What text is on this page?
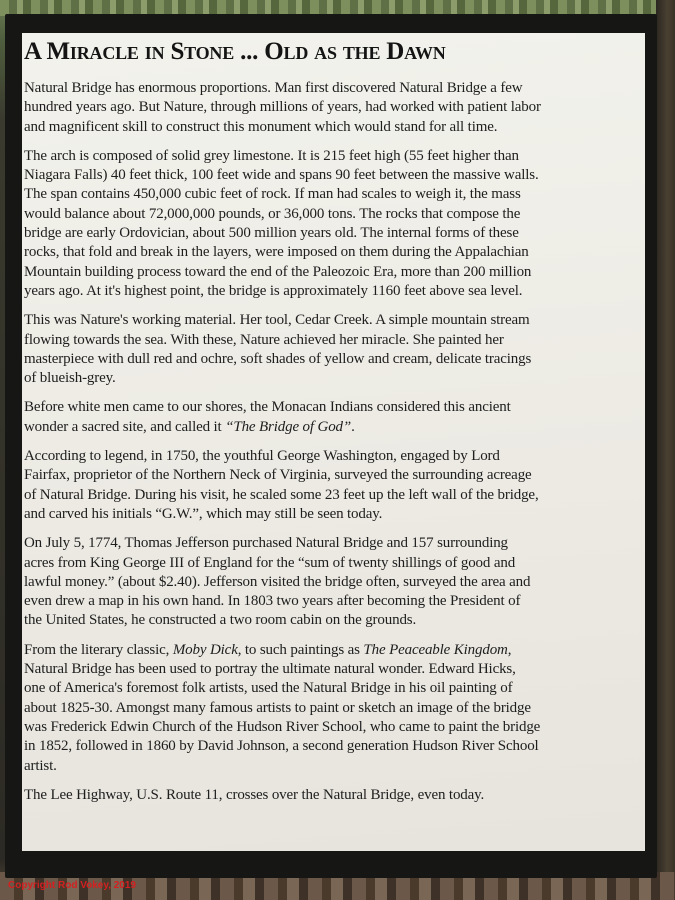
A Miracle in Stone ... Old as the Dawn

Natural Bridge has enormous proportions. Man first discovered Natural Bridge a few
hundred years ago. But Nature, through millions of years, had worked with patient labor
and magnificent skill to construct this monument which would stand for all time.

The arch is composed of solid grey limestone. It is 215 feet high (55 feet higher than
Niagara Falls) 40 feet thick, 100 feet wide and spans 90 feet between the massive walls.
The span contains 450,000 cubic feet of rock. If man had scales to weigh it, the mass
would balance about 72,000,000 pounds, or 36,000 tons. The rocks that compose the
bridge are early Ordovician, about 500 million years old. The internal forms of these
rocks, that fold and break in the layers, were imposed on them during the Appalachian
Mountain building process toward the end of the Paleozoic Era, more than 200 million
years ago. At it's highest point, the bridge is approximately 1160 feet above sea level.

This was Nature's working material. Her tool, Cedar Creek. A simple mountain stream
flowing towards the sea. With these, Nature achieved her miracle. She painted her
masterpiece with dull red and ochre, soft shades of yellow and cream, delicate tracings
of blueish-grey.

Before white men came to our shores, the Monacan Indians considered this ancient
wonder a sacred site, and called it “The Bridge of God”.

According to legend, in 1750, the youthful George Washington, engaged by Lord
Fairfax, proprietor of the Northern Neck of Virginia, surveyed the surrounding acreage
of Natural Bridge. During his visit, he scaled some 23 feet up the left wall of the bridge,
and carved his initials “G.W.”, which may still be seen today.

On July 5, 1774, Thomas Jefferson purchased Natural Bridge and 157 surrounding
acres from King George III of England for the “sum of twenty shillings of good and
lawful money.” (about $2.40). Jefferson visited the bridge often, surveyed the area and
even drew a map in his own hand. In 1803 two years after becoming the President of
the United States, he constructed a two room cabin on the grounds.

From the literary classic, Moby Dick, to such paintings as The Peaceable Kingdom,
Natural Bridge has been used to portray the ultimate natural wonder. Edward Hicks,
one of America's foremost folk artists, used the Natural Bridge in his oil painting of
about 1825-30. Amongst many famous artists to paint or sketch an image of the bridge
was Frederick Edwin Church of the Hudson River School, who came to paint the bridge
in 1852, followed in 1860 by David Johnson, a second generation Hudson River School
artist.

The Lee Highway, U.S. Route 11, crosses over the Natural Bridge, even today.

Copyright Rod Vokey, 2019
